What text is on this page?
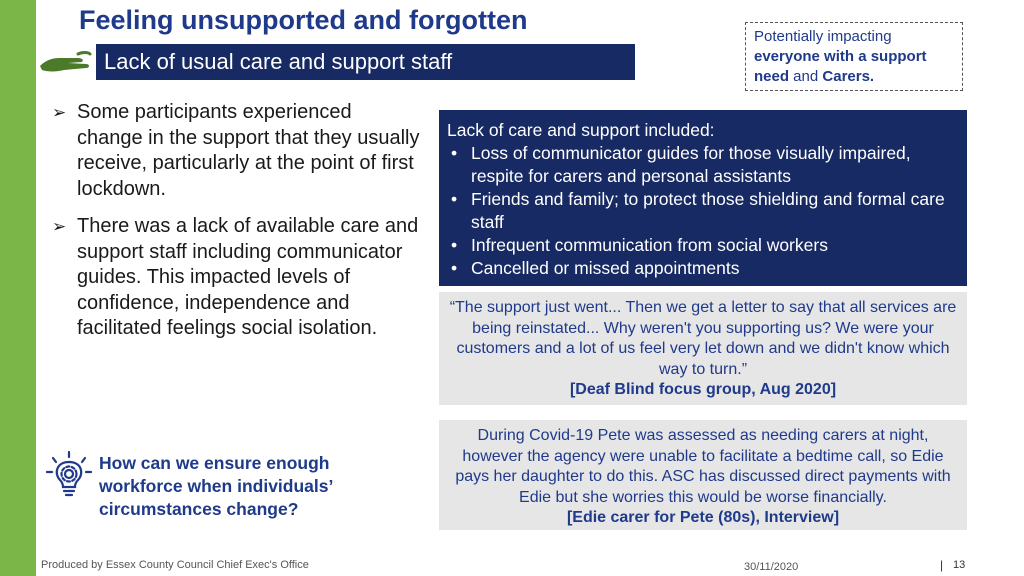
Feeling unsupported and forgotten
Lack of usual care and support staff
Potentially impacting
everyone with a support need and Carers.
➢ Some participants experienced change in the support that they usually receive, particularly at the point of first lockdown.
➢ There was a lack of available care and support staff including communicator guides. This impacted levels of confidence, independence and facilitated feelings social isolation.
Lack of care and support included:
• Loss of communicator guides for those visually impaired, respite for carers and personal assistants
• Friends and family; to protect those shielding and formal care staff
• Infrequent communication from social workers
• Cancelled or missed appointments
“The support just went... Then we get a letter to say that all services are being reinstated... Why weren't you supporting us? We were your customers and a lot of us feel very let down and we didn't know which way to turn.”
[Deaf Blind focus group, Aug 2020]
During Covid-19 Pete was assessed as needing carers at night, however the agency were unable to facilitate a bedtime call, so Edie pays her daughter to do this. ASC has discussed direct payments with Edie but she worries this would be worse financially.
[Edie carer for Pete (80s), Interview]
How can we ensure enough workforce when individuals’ circumstances change?
Produced by Essex County Council Chief Exec's Office	30/11/2020	| 13
